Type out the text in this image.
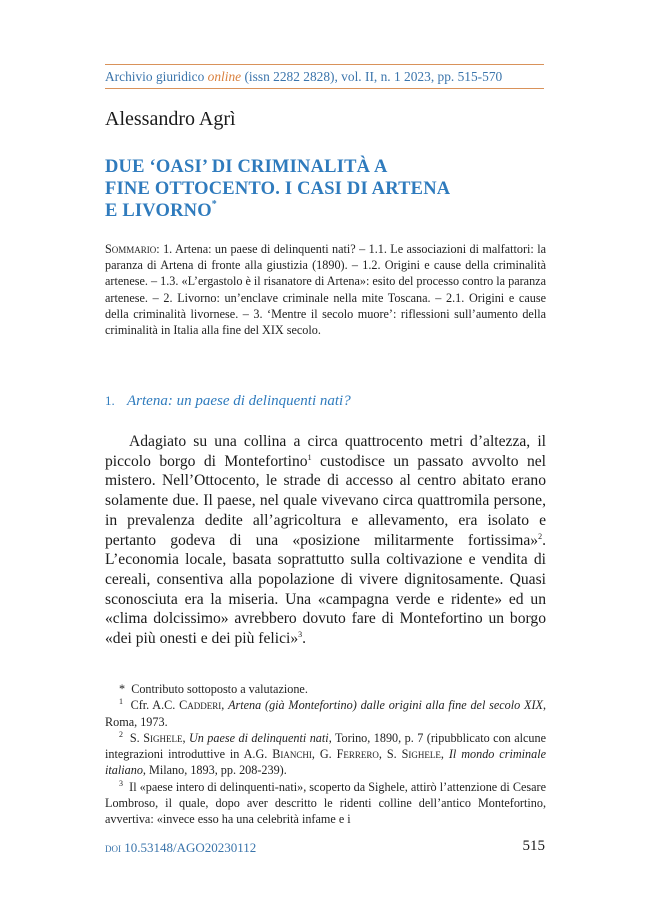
Archivio giuridico online (issn 2282 2828), vol. II, n. 1 2023, pp. 515-570
Alessandro Agrì
DUE ‘OASI’ DI CRIMINALITÀ A
FINE OTTOCENTO. I CASI DI ARTENA
E LIVORNO*
Sommario: 1. Artena: un paese di delinquenti nati? – 1.1. Le associazioni di malfattori: la paranza di Artena di fronte alla giustizia (1890). – 1.2. Origini e cause della criminalità artenese. – 1.3. «L’ergastolo è il risanatore di Artena»: esito del processo contro la paranza artenese. – 2. Livorno: un’enclave criminale nella mite Toscana. – 2.1. Origini e cause della criminalità livornese. – 3. ‘Mentre il secolo muore’: riflessioni sull’aumento della criminalità in Italia alla fine del XIX secolo.
1. Artena: un paese di delinquenti nati?

Adagiato su una collina a circa quattrocento metri d’altezza, il piccolo borgo di Montefortino$^1$ custodisce un passato avvolto nel mistero. Nell’Ottocento, le strade di accesso al centro abitato erano solamente due. Il paese, nel quale vivevano circa quattromila persone, in prevalenza dedite all’agricoltura e allevamento, era isolato e pertanto godeva di una «posizione militarmente fortissima»$^2$. L’economia locale, basata soprattutto sulla coltivazione e vendita di cereali, consentiva alla popolazione di vivere dignitosamente. Quasi sconosciuta era la miseria. Una «campagna verde e ridente» ed un «clima dolcissimo» avrebbero dovuto fare di Montefortino un borgo «dei più onesti e dei più felici»$^3$.

* Contributo sottoposto a valutazione.

$^1$ Cfr. A.C. Cadderi, Artena (già Montefortino) dalle origini alla fine del secolo XIX, Roma, 1973.

$^2$ S. Sighele, Un paese di delinquenti nati, Torino, 1890, p. 7 (ripubblicato con alcune integrazioni introduttive in A.G. Bianchi, G. Ferrero, S. Sighele, Il mondo criminale italiano, Milano, 1893, pp. 208-239).

$^3$ Il «paese intero di delinquenti-nati», scoperto da Sighele, attirò l’attenzione di Cesare Lombroso, il quale, dopo aver descritto le ridenti colline dell’antico Montefortino, avvertiva: «invece esso ha una celebrità infame e i

doi 10.53148/AGO20230112	515
